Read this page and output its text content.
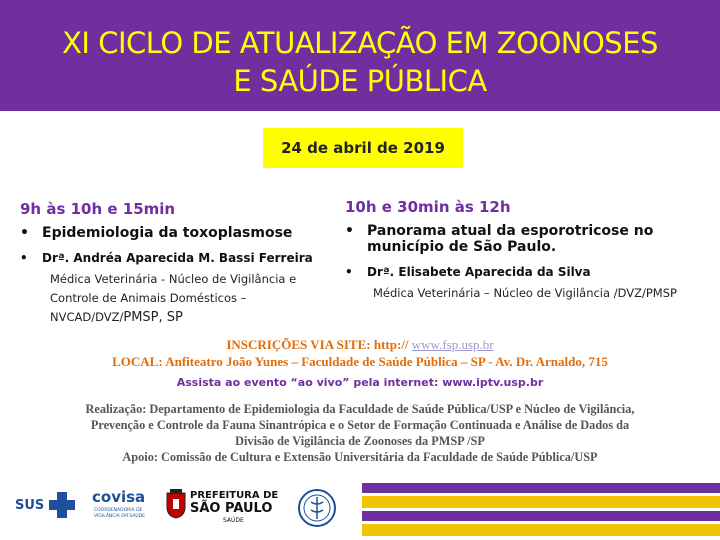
XI CICLO DE ATUALIZAÇÃO EM ZOONOSES
E SAÚDE PÚBLICA
24 de abril de 2019
9h às 10h e 15min
• Epidemiologia da toxoplasmose
•	Drª. Andréa Aparecida M. Bassi Ferreira
Médica Veterinária - Núcleo de Vigilância e
Controle de Animais Domésticos –
NVCAD/DVZ/PMSP, SP
10h e 30min às 12h
• Panorama atual da esporotricose no
município de São Paulo.
•	Drª. Elisabete Aparecida da Silva
Médica Veterinária – Núcleo de Vigilância /DVZ/PMSP
INSCRIÇÕES VIA SITE: http:// www.fsp.usp.br
LOCAL: Anfiteatro João Yunes – Faculdade de Saúde Pública – SP - Av. Dr. Arnaldo, 715
Assista ao evento “ao vivo” pela internet: www.iptv.usp.br
Realização: Departamento de Epidemiologia da Faculdade de Saúde Pública/USP e Núcleo de Vigilância,
Prevenção e Controle da Fauna Sinantrópica e o Setor de Formação Continuada e Análise de Dados da
Divisão de Vigilância de Zoonoses da PMSP /SP
Apoio: Comissão de Cultura e Extensão Universitária da Faculdade de Saúde Pública/USP
SUS	covisa
COORDENADORIA DE
VIGILÂNCIA EM SAÚDE
PREFEITURA DE
SÃO PAULO
SAÚDE
